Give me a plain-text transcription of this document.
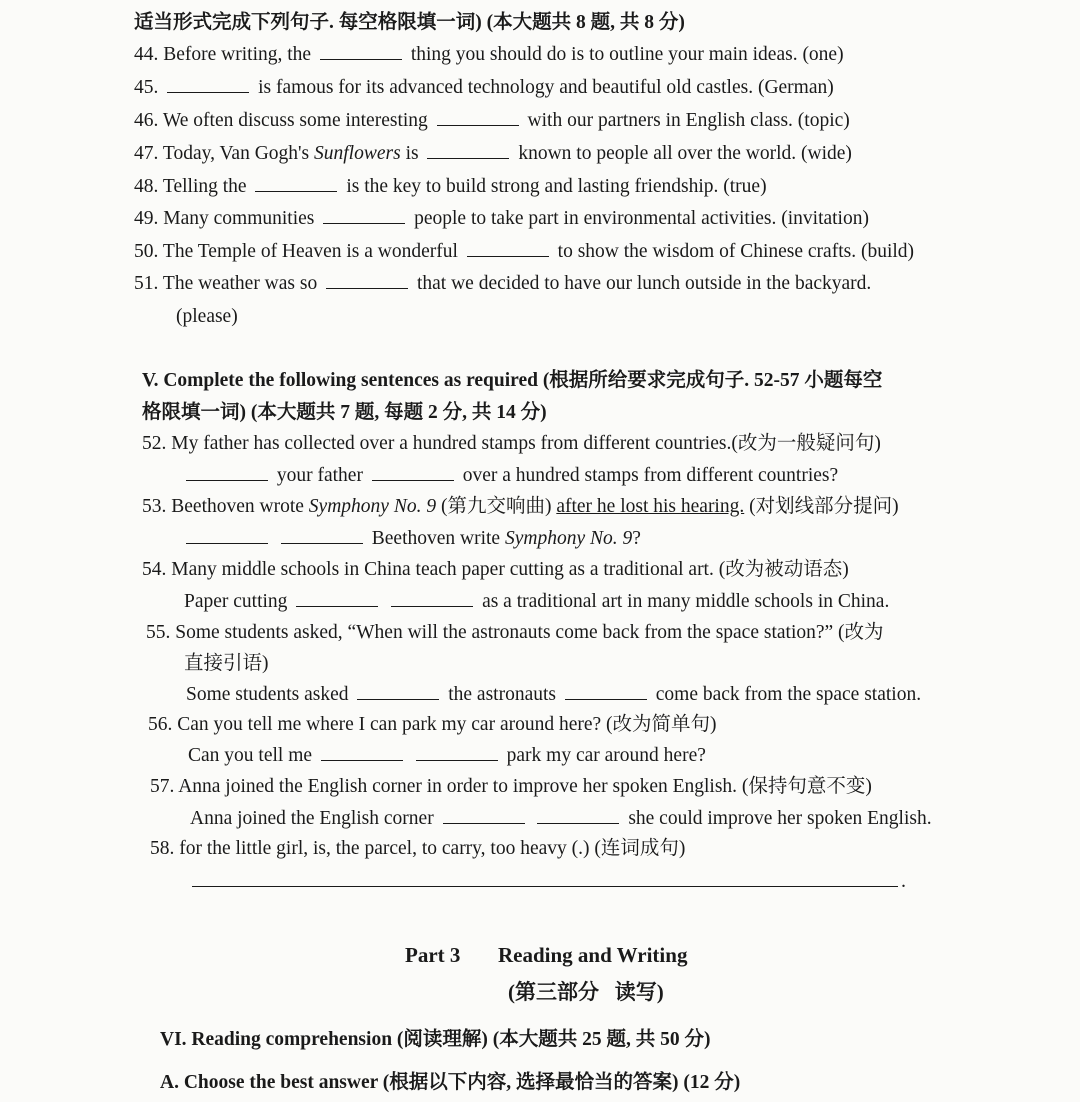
适当形式完成下列句子. 每空格限填一词) (本大题共 8 题, 共 8 分)
44. Before writing, the	thing you should do is to outline your main ideas. (one)
45.	is famous for its advanced technology and beautiful old castles. (German)
46. We often discuss some interesting	with our partners in English class. (topic)
47. Today, Van Gogh's Sunflowers is	known to people all over the world. (wide)
48. Telling the	is the key to build strong and lasting friendship. (true)
49. Many communities	people to take part in environmental activities. (invitation)
50. The Temple of Heaven is a wonderful	to show the wisdom of Chinese crafts. (build)
51. The weather was so	that we decided to have our lunch outside in the backyard.
(please)
V. Complete the following sentences as required (根据所给要求完成句子. 52-57 小题每空
格限填一词) (本大题共 7 题, 每题 2 分, 共 14 分)
52. My father has collected over a hundred stamps from different countries.(改为一般疑问句)
your father	over a hundred stamps from different countries?
53. Beethoven wrote Symphony No. 9 (第九交响曲) after he lost his hearing. (对划线部分提问)
Beethoven write Symphony No. 9?
54. Many middle schools in China teach paper cutting as a traditional art. (改为被动语态)
Paper cutting	as a traditional art in many middle schools in China.
55. Some students asked, “When will the astronauts come back from the space station?” (改为
直接引语)
Some students asked	the astronauts	come back from the space station.
56. Can you tell me where I can park my car around here? (改为简单句)
Can you tell me	park my car around here?
57. Anna joined the English corner in order to improve her spoken English. (保持句意不变)
Anna joined the English corner	she could improve her spoken English.
58. for the little girl, is, the parcel, to carry, too heavy (.) (连词成句)
.
Part 3 Reading and Writing
(第三部分   读写)
VI. Reading comprehension (阅读理解) (本大题共 25 题, 共 50 分)
A. Choose the best answer (根据以下内容, 选择最恰当的答案) (12 分)
